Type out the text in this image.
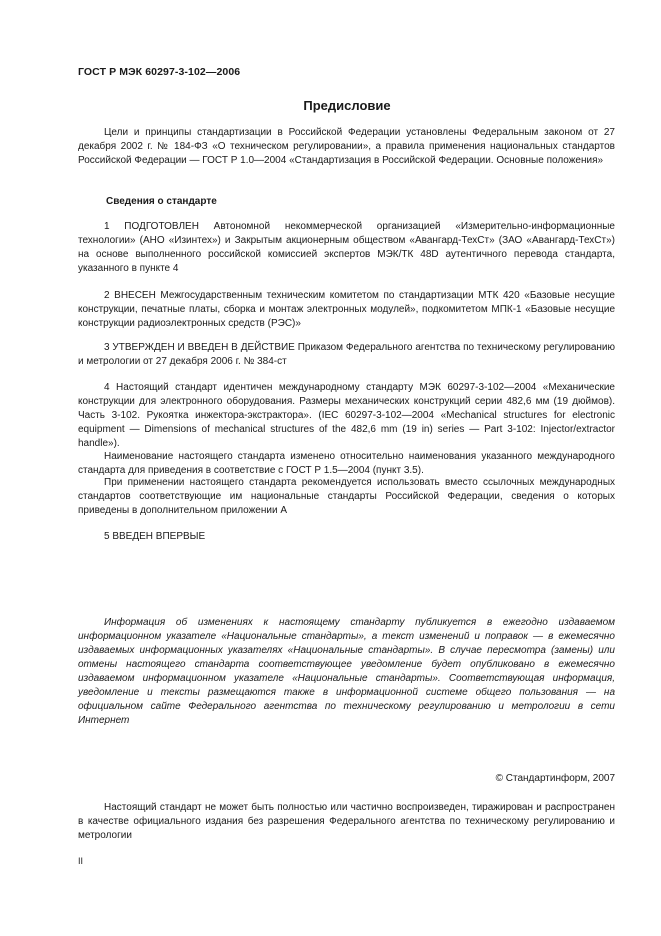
ГОСТ Р МЭК 60297-3-102—2006
Предисловие
Цели и принципы стандартизации в Российской Федерации установлены Федеральным законом от 27 декабря 2002 г. № 184-ФЗ «О техническом регулировании», а правила применения национальных стандартов Российской Федерации — ГОСТ Р 1.0—2004 «Стандартизация в Российской Федерации. Основные положения»
Сведения о стандарте
1 ПОДГОТОВЛЕН Автономной некоммерческой организацией «Измерительно-информационные технологии» (АНО «Изинтех») и Закрытым акционерным обществом «Авангард-ТехСт» (ЗАО «Авангард-ТехСт») на основе выполненного российской комиссией экспертов МЭК/ТК 48D аутентичного перевода стандарта, указанного в пункте 4
2 ВНЕСЕН Межгосударственным техническим комитетом по стандартизации МТК 420 «Базовые несущие конструкции, печатные платы, сборка и монтаж электронных модулей», подкомитетом МПК-1 «Базовые несущие конструкции радиоэлектронных средств (РЭС)»
3 УТВЕРЖДЕН И ВВЕДЕН В ДЕЙСТВИЕ Приказом Федерального агентства по техническому регулированию и метрологии от 27 декабря 2006 г. № 384-ст
4 Настоящий стандарт идентичен международному стандарту МЭК 60297-3-102—2004 «Механические конструкции для электронного оборудования. Размеры механических конструкций серии 482,6 мм (19 дюймов). Часть 3-102. Рукоятка инжектора-экстрактора». (IEC 60297-3-102—2004 «Mechanical structures for electronic equipment — Dimensions of mechanical structures of the 482,6 mm (19 in) series — Part 3-102: Injector/extractor handle»).
Наименование настоящего стандарта изменено относительно наименования указанного международного стандарта для приведения в соответствие с ГОСТ Р 1.5—2004 (пункт 3.5).
При применении настоящего стандарта рекомендуется использовать вместо ссылочных международных стандартов соответствующие им национальные стандарты Российской Федерации, сведения о которых приведены в дополнительном приложении А
5 ВВЕДЕН ВПЕРВЫЕ
Информация об изменениях к настоящему стандарту публикуется в ежегодно издаваемом информационном указателе «Национальные стандарты», а текст изменений и поправок — в ежемесячно издаваемых информационных указателях «Национальные стандарты». В случае пересмотра (замены) или отмены настоящего стандарта соответствующее уведомление будет опубликовано в ежемесячно издаваемом информационном указателе «Национальные стандарты». Соответствующая информация, уведомление и тексты размещаются также в информационной системе общего пользования — на официальном сайте Федерального агентства по техническому регулированию и метрологии в сети Интернет
© Стандартинформ, 2007
Настоящий стандарт не может быть полностью или частично воспроизведен, тиражирован и распространен в качестве официального издания без разрешения Федерального агентства по техническому регулированию и метрологии
II
